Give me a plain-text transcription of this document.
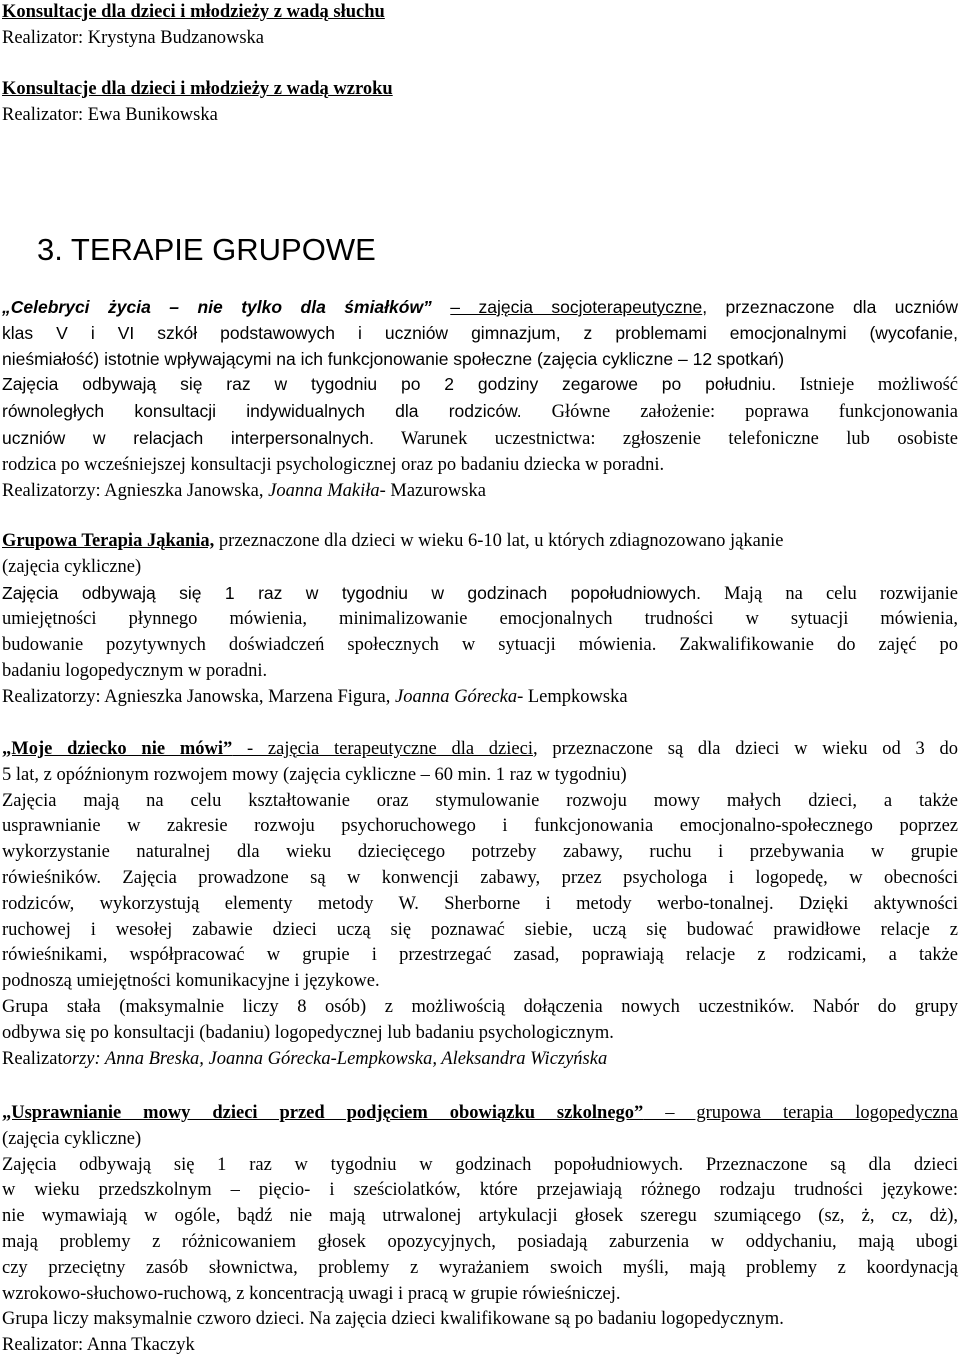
Konsultacje dla dzieci i młodzieży z wadą słuchu
Realizator: Krystyna Budzanowska
Konsultacje dla dzieci i młodzieży z wadą wzroku
Realizator: Ewa Bunikowska
3. TERAPIE GRUPOWE
„Celebryci życia – nie tylko dla śmiałków” – zajęcia socjoterapeutyczne, przeznaczone dla uczniów
klas V i VI szkół podstawowych i uczniów gimnazjum, z problemami emocjonalnymi (wycofanie,
nieśmiałość) istotnie wpływającymi na ich funkcjonowanie społeczne (zajęcia cykliczne – 12 spotkań)
Zajęcia odbywają się raz w tygodniu po 2 godziny zegarowe po południu. Istnieje możliwość
równoległych konsultacji indywidualnych dla rodziców. Główne założenie: poprawa funkcjonowania
uczniów w relacjach interpersonalnych. Warunek uczestnictwa: zgłoszenie telefoniczne lub osobiste
rodzica po wcześniejszej konsultacji psychologicznej oraz po badaniu dziecka w poradni.
Realizatorzy: Agnieszka Janowska, Joanna Makiła- Mazurowska
Grupowa Terapia Jąkania, przeznaczone dla dzieci w wieku 6-10 lat, u których zdiagnozowano jąkanie
(zajęcia cykliczne)
Zajęcia odbywają się 1 raz w tygodniu w godzinach popołudniowych. Mają na celu rozwijanie
umiejętności płynnego mówienia, minimalizowanie emocjonalnych trudności w sytuacji mówienia,
budowanie pozytywnych doświadczeń społecznych w sytuacji mówienia. Zakwalifikowanie do zajęć po
badaniu logopedycznym w poradni.
Realizatorzy: Agnieszka Janowska, Marzena Figura, Joanna Górecka- Lempkowska
„Moje dziecko nie mówi” - zajęcia terapeutyczne dla dzieci, przeznaczone są dla dzieci w wieku od 3 do
5 lat, z opóźnionym rozwojem mowy (zajęcia cykliczne – 60 min. 1 raz w tygodniu)
Zajęcia mają na celu kształtowanie oraz stymulowanie rozwoju mowy małych dzieci, a także
usprawnianie w zakresie rozwoju psychoruchowego i funkcjonowania emocjonalno-społecznego poprzez
wykorzystanie naturalnej dla wieku dziecięcego potrzeby zabawy, ruchu i przebywania w grupie
rówieśników. Zajęcia prowadzone są w konwencji zabawy, przez psychologa i logopedę, w obecności
rodziców, wykorzystują elementy metody W. Sherborne i metody werbo-tonalnej. Dzięki aktywności
ruchowej i wesołej zabawie dzieci uczą się poznawać siebie, uczą się budować prawidłowe relacje z
rówieśnikami, współpracować w grupie i przestrzegać zasad, poprawiają relacje z rodzicami, a także
podnoszą umiejętności komunikacyjne i językowe.
Grupa stała (maksymalnie liczy 8 osób) z możliwością dołączenia nowych uczestników. Nabór do grupy
odbywa się po konsultacji (badaniu) logopedycznej lub badaniu psychologicznym.
Realizatorzy: Anna Breska, Joanna Górecka-Lempkowska, Aleksandra Wiczyńska
„Usprawnianie mowy dzieci przed podjęciem obowiązku szkolnego” – grupowa terapia logopedyczna
(zajęcia cykliczne)
Zajęcia odbywają się 1 raz w tygodniu w godzinach popołudniowych. Przeznaczone są dla dzieci
w wieku przedszkolnym – pięcio- i sześciolatków, które przejawiają różnego rodzaju trudności językowe:
nie wymawiają w ogóle, bądź nie mają utrwalonej artykulacji głosek szeregu szumiącego (sz, ż, cz, dż),
mają problemy z różnicowaniem głosek opozycyjnych, posiadają zaburzenia w oddychaniu, mają ubogi
czy przeciętny zasób słownictwa, problemy z wyrażaniem swoich myśli, mają problemy z koordynacją
wzrokowo-słuchowo-ruchową, z koncentracją uwagi i pracą w grupie rówieśniczej.
Grupa liczy maksymalnie czworo dzieci. Na zajęcia dzieci kwalifikowane są po badaniu logopedycznym.
Realizator: Anna Tkaczyk
